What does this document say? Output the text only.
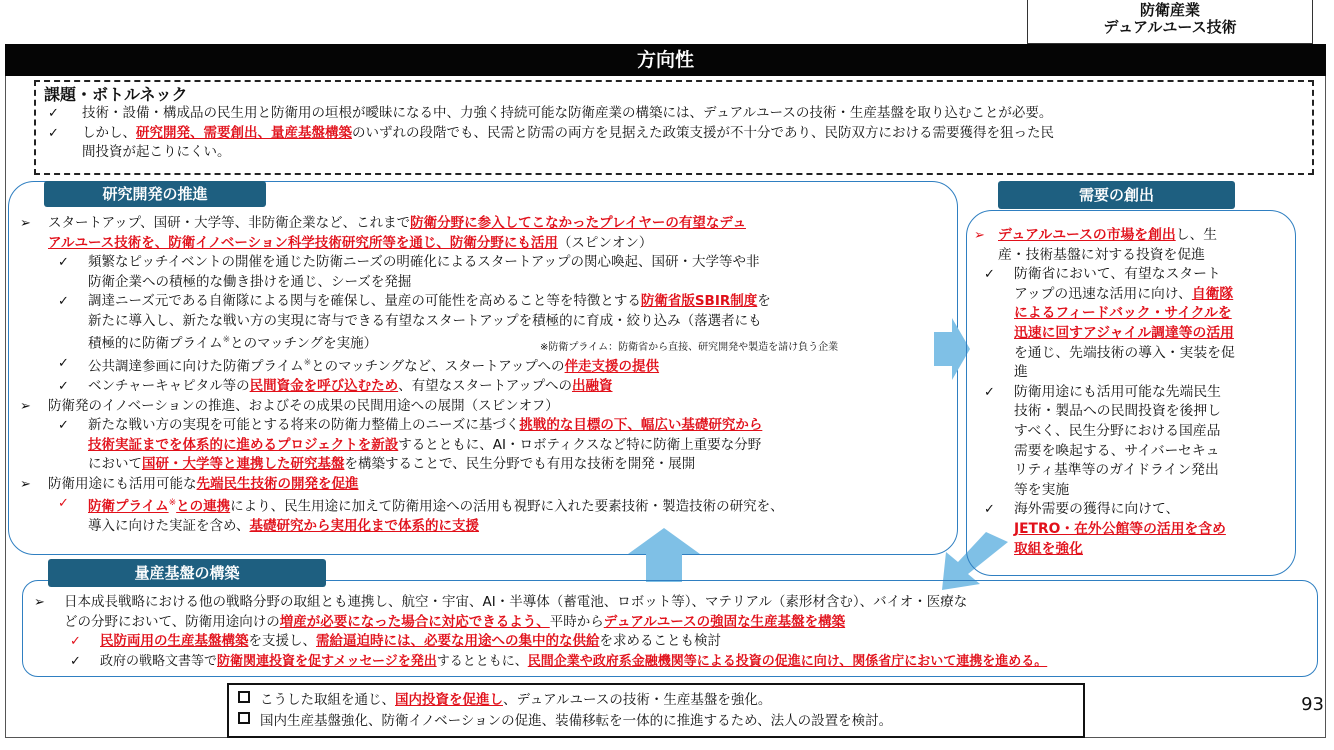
防衛産業
デュアルユース技術
方向性
課題・ボトルネック
✓ 技術・設備・構成品の民生用と防衛用の垣根が曖昧になる中、力強く持続可能な防衛産業の構築には、デュアルユースの技術・生産基盤を取り込むことが必要。
✓ しかし、研究開発、需要創出、量産基盤構築のいずれの段階でも、民需と防需の両方を見据えた政策支援が不十分であり、民防双方における需要獲得を狙った民
間投資が起こりにくい。
研究開発の推進
➢ スタートアップ、国研・大学等、非防衛企業など、これまで防衛分野に参入してこなかったプレイヤーの有望なデュ
アルユース技術を、防衛イノベーション科学技術研究所等を通じ、防衛分野にも活用（スピンオン）
✓ 頻繁なピッチイベントの開催を通じた防衛ニーズの明確化によるスタートアップの関心喚起、国研・大学等や非
防衛企業への積極的な働き掛けを通じ、シーズを発掘
✓ 調達ニーズ元である自衛隊による関与を確保し、量産の可能性を高めること等を特徴とする防衛省版SBIR制度を
新たに導入し、新たな戦い方の実現に寄与できる有望なスタートアップを積極的に育成・絞り込み（落選者にも
積極的に防衛プライム※とのマッチングを実施）	※防衛プライム：防衛省から直接、研究開発や製造を請け負う企業
✓ 公共調達参画に向けた防衛プライム※とのマッチングなど、スタートアップへの伴走支援の提供
✓ ベンチャーキャピタル等の民間資金を呼び込むため、有望なスタートアップへの出融資
➢ 防衛発のイノベーションの推進、およびその成果の民間用途への展開（スピンオフ）
✓ 新たな戦い方の実現を可能とする将来の防衛力整備上のニーズに基づく挑戦的な目標の下、幅広い基礎研究から
技術実証までを体系的に進めるプロジェクトを新設するとともに、AI・ロボティクスなど特に防衛上重要な分野
において国研・大学等と連携した研究基盤を構築することで、民生分野でも有用な技術を開発・展開
➢ 防衛用途にも活用可能な先端民生技術の開発を促進
✓ 防衛プライム※との連携により、民生用途に加えて防衛用途への活用も視野に入れた要素技術・製造技術の研究を、
導入に向けた実証を含め、基礎研究から実用化まで体系的に支援
需要の創出
➢ デュアルユースの市場を創出し、生
産・技術基盤に対する投資を促進
✓ 防衛省において、有望なスタート
アップの迅速な活用に向け、自衛隊
によるフィードバック・サイクルを
迅速に回すアジャイル調達等の活用
を通じ、先端技術の導入・実装を促
進
✓ 防衛用途にも活用可能な先端民生
技術・製品への民間投資を後押し
すべく、民生分野における国産品
需要を喚起する、サイバーセキュ
リティ基準等のガイドライン発出
等を実施
✓ 海外需要の獲得に向けて、
JETRO・在外公館等の活用を含め
取組を強化
量産基盤の構築
➢ 日本成長戦略における他の戦略分野の取組とも連携し、航空・宇宙、AI・半導体（蓄電池、ロボット等）、マテリアル（素形材含む）、バイオ・医療な
どの分野において、防衛用途向けの増産が必要になった場合に対応できるよう、平時からデュアルユースの強固な生産基盤を構築
✓ 民防両用の生産基盤構築を支援し、需給逼迫時には、必要な用途への集中的な供給を求めることも検討
✓ 政府の戦略文書等で防衛関連投資を促すメッセージを発出するとともに、民間企業や政府系金融機関等による投資の促進に向け、関係省庁において連携を進める。
こうした取組を通じ、国内投資を促進し、デュアルユースの技術・生産基盤を強化。
国内生産基盤強化、防衛イノベーションの促進、装備移転を一体的に推進するため、法人の設置を検討。
93
